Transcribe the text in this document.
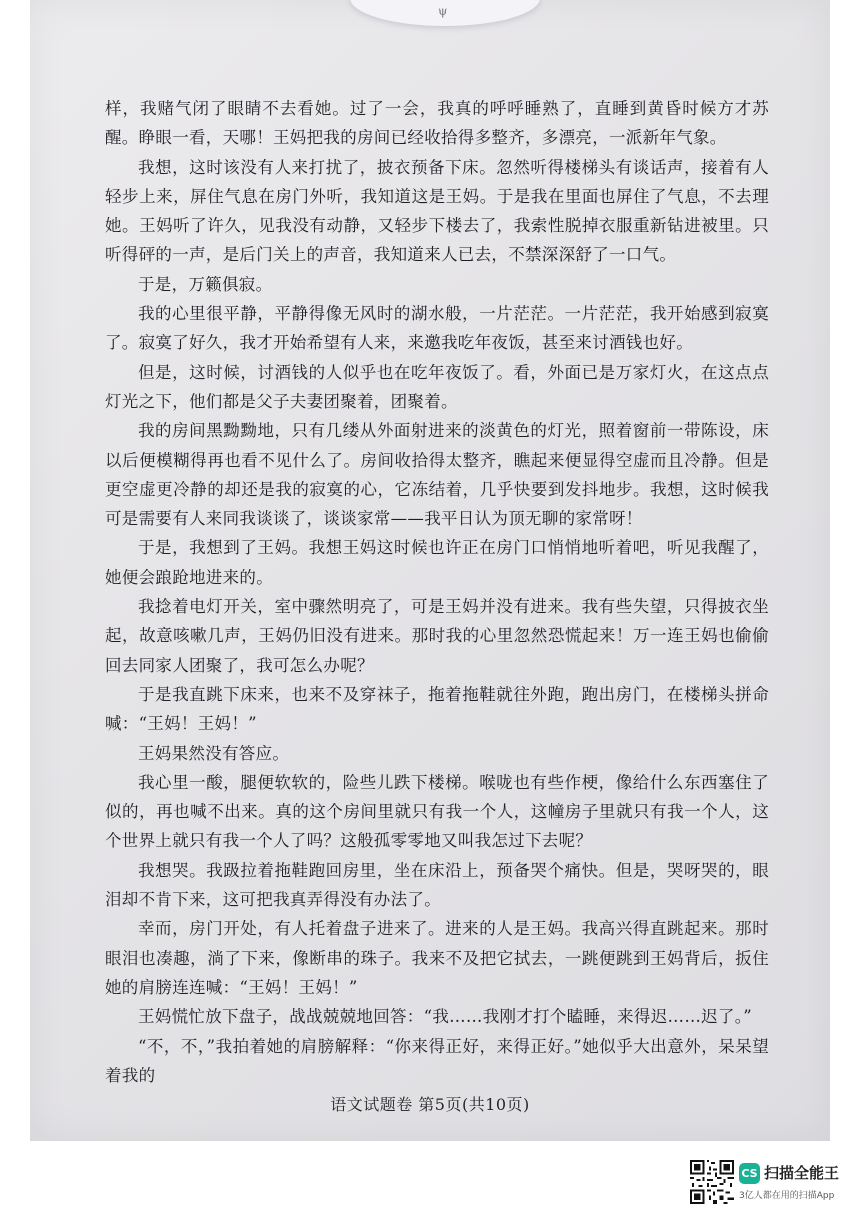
ψ

样，我赌气闭了眼睛不去看她。过了一会，我真的呼呼睡熟了，直睡到黄昏时候方才苏醒。睁眼一看，天哪！王妈把我的房间已经收拾得多整齐，多漂亮，一派新年气象。

我想，这时该没有人来打扰了，披衣预备下床。忽然听得楼梯头有谈话声，接着有人轻步上来，屏住气息在房门外听，我知道这是王妈。于是我在里面也屏住了气息，不去理她。王妈听了许久，见我没有动静，又轻步下楼去了，我索性脱掉衣服重新钻进被里。只听得砰的一声，是后门关上的声音，我知道来人已去，不禁深深舒了一口气。

于是，万籁俱寂。

我的心里很平静，平静得像无风时的湖水般，一片茫茫。一片茫茫，我开始感到寂寞了。寂寞了好久，我才开始希望有人来，来邀我吃年夜饭，甚至来讨酒钱也好。

但是，这时候，讨酒钱的人似乎也在吃年夜饭了。看，外面已是万家灯火，在这点点灯光之下，他们都是父子夫妻团聚着，团聚着。

我的房间黑黝黝地，只有几缕从外面射进来的淡黄色的灯光，照着窗前一带陈设，床以后便模糊得再也看不见什么了。房间收拾得太整齐，瞧起来便显得空虚而且冷静。但是更空虚更冷静的却还是我的寂寞的心，它冻结着，几乎快要到发抖地步。我想，这时候我可是需要有人来同我谈谈了，谈谈家常——我平日认为顶无聊的家常呀！

于是，我想到了王妈。我想王妈这时候也许正在房门口悄悄地听着吧，听见我醒了，她便会踉跄地进来的。

我捻着电灯开关，室中骤然明亮了，可是王妈并没有进来。我有些失望，只得披衣坐起，故意咳嗽几声，王妈仍旧没有进来。那时我的心里忽然恐慌起来！万一连王妈也偷偷回去同家人团聚了，我可怎么办呢？

于是我直跳下床来，也来不及穿袜子，拖着拖鞋就往外跑，跑出房门，在楼梯头拼命喊：“王妈！王妈！”

王妈果然没有答应。

我心里一酸，腿便软软的，险些儿跌下楼梯。喉咙也有些作梗，像给什么东西塞住了似的，再也喊不出来。真的这个房间里就只有我一个人，这幢房子里就只有我一个人，这个世界上就只有我一个人了吗？这般孤零零地又叫我怎过下去呢？

我想哭。我趿拉着拖鞋跑回房里，坐在床沿上，预备哭个痛快。但是，哭呀哭的，眼泪却不肯下来，这可把我真弄得没有办法了。

幸而，房门开处，有人托着盘子进来了。进来的人是王妈。我高兴得直跳起来。那时眼泪也凑趣，淌了下来，像断串的珠子。我来不及把它拭去，一跳便跳到王妈背后，扳住她的肩膀连连喊：“王妈！王妈！”

王妈慌忙放下盘子，战战兢兢地回答：“我……我刚才打个瞌睡，来得迟……迟了。”

“不，不，”我拍着她的肩膀解释：“你来得正好，来得正好。”她似乎大出意外，呆呆望着我的

语文试题卷 第5页(共10页)
CS 扫描全能王
3亿人都在用的扫描App
